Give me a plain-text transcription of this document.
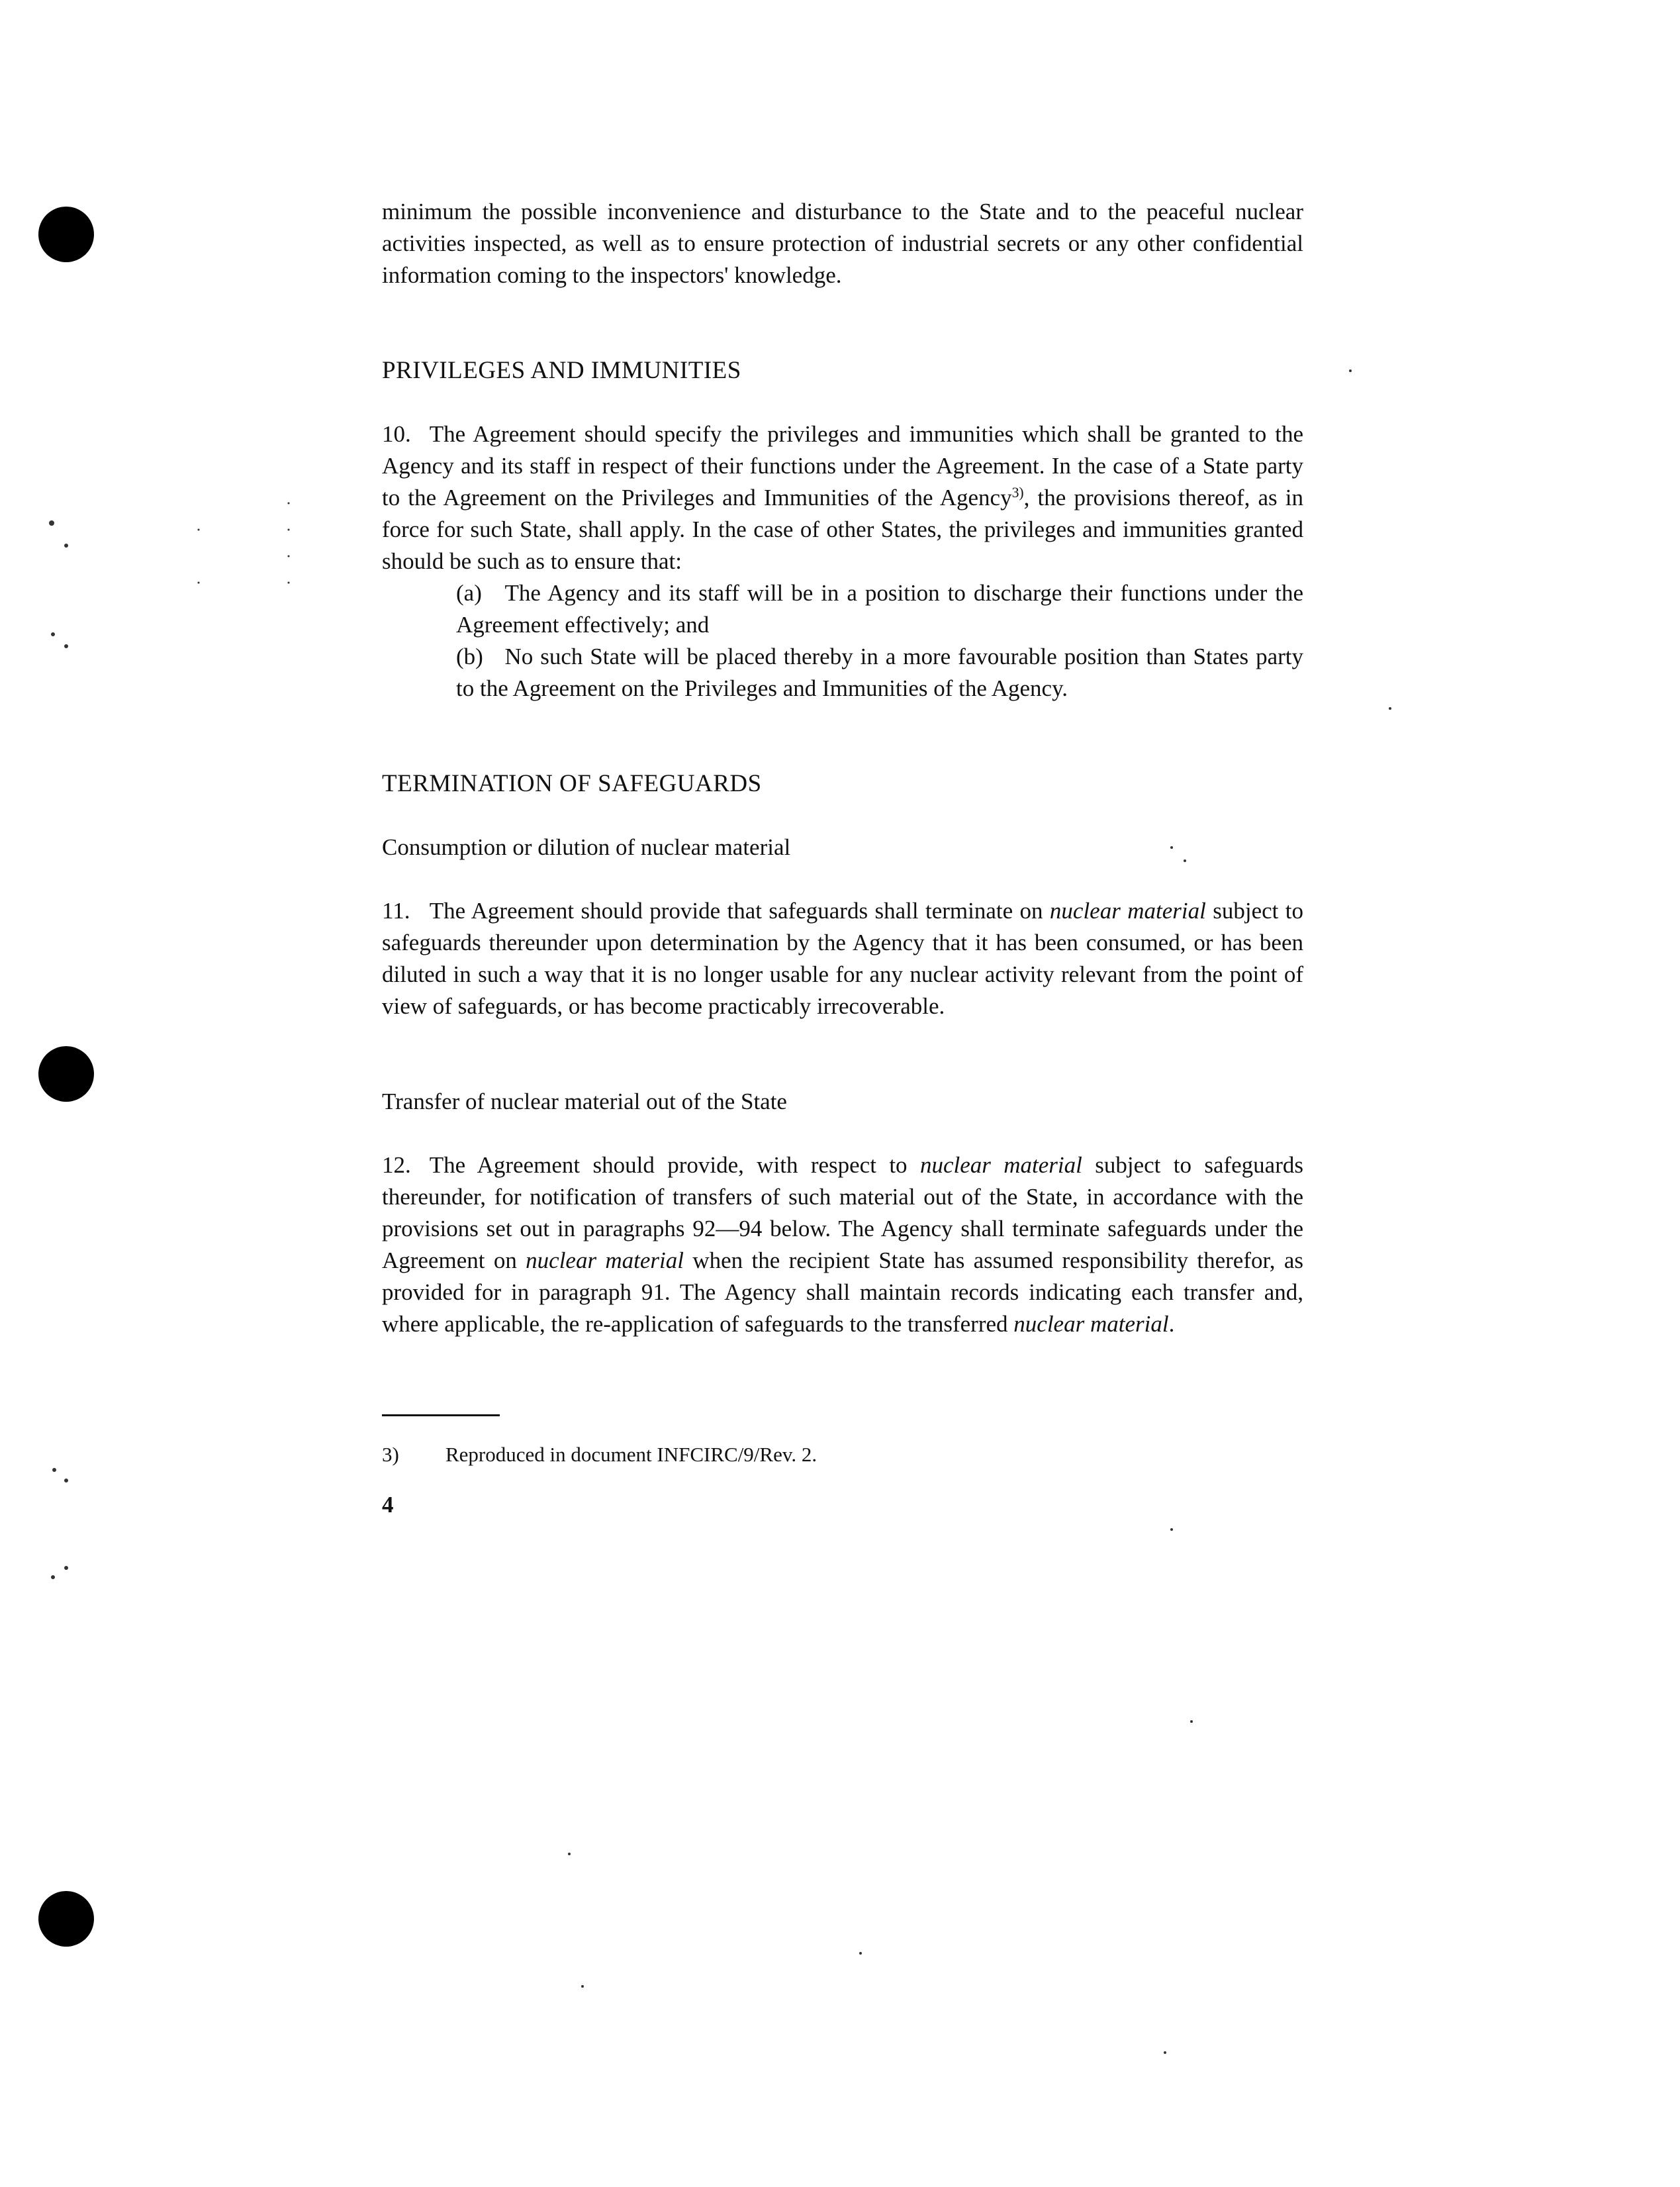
minimum the possible inconvenience and disturbance to the State and to the peaceful nuclear activities inspected, as well as to ensure protection of industrial secrets or any other confidential information coming to the inspectors' knowledge.

PRIVILEGES AND IMMUNITIES

10. The Agreement should specify the privileges and immunities which shall be granted to the Agency and its staff in respect of their functions under the Agreement. In the case of a State party to the Agreement on the Privileges and Immunities of the Agency$^{3)}$, the provisions thereof, as in force for such State, shall apply. In the case of other States, the privileges and immunities granted should be such as to ensure that:

(a) The Agency and its staff will be in a position to discharge their functions under the Agreement effectively; and

(b) No such State will be placed thereby in a more favourable position than States party to the Agreement on the Privileges and Immunities of the Agency.

TERMINATION OF SAFEGUARDS
Consumption or dilution of nuclear material

11. The Agreement should provide that safeguards shall terminate on nuclear material subject to safeguards thereunder upon determination by the Agency that it has been consumed, or has been diluted in such a way that it is no longer usable for any nuclear activity relevant from the point of view of safeguards, or has become practicably irrecoverable.

Transfer of nuclear material out of the State

12. The Agreement should provide, with respect to nuclear material subject to safeguards thereunder, for notification of transfers of such material out of the State, in accordance with the provisions set out in paragraphs 92—94 below. The Agency shall terminate safeguards under the Agreement on nuclear material when the recipient State has assumed responsibility therefor, as provided for in paragraph 91. The Agency shall maintain records indicating each transfer and, where applicable, the re-application of safeguards to the transferred nuclear material.

3) Reproduced in document INFCIRC/9/Rev. 2.
4
